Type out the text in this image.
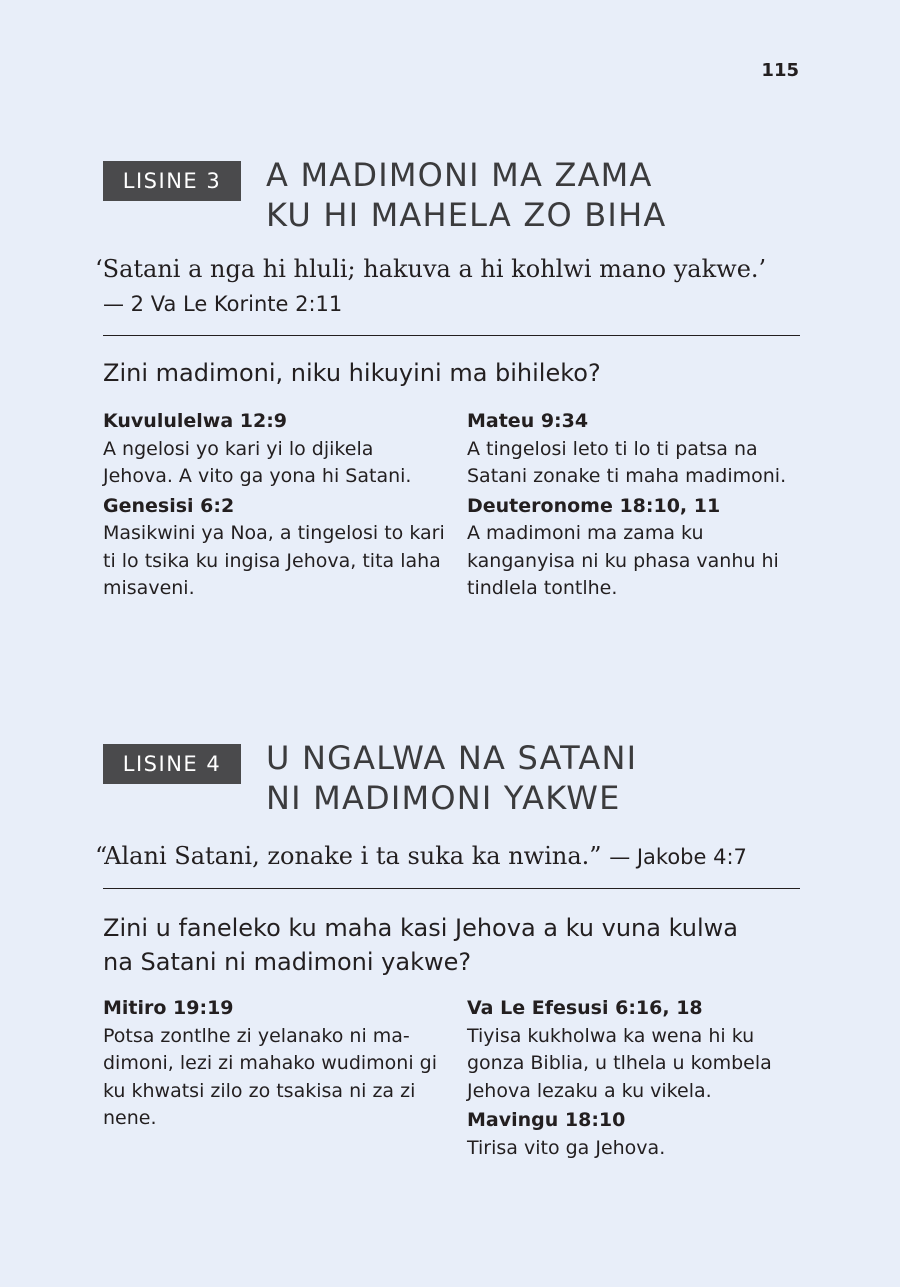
115
LISINE 3	A MADIMONI MA ZAMA
KU HI MAHELA ZO BIHA
‘Satani a nga hi hluli; hakuva a hi kohlwi mano yakwe.’
— 2 Va Le Korinte 2:11
Zini madimoni, niku hikuyini ma bihileko?
Kuvululelwa 12:9
A ngelosi yo kari yi lo djikela Jehova. A vito ga yona hi Satani.
Genesisi 6:2
Masikwini ya Noa, a tingelosi to kari ti lo tsika ku ingisa Jehova, tita laha misaveni.
Mateu 9:34
A tingelosi leto ti lo ti patsa na Satani zonake ti maha madimoni.
Deuteronome 18:10, 11
A madimoni ma zama ku kanganyisa ni ku phasa vanhu hi tindlela tontlhe.
LISINE 4	U NGALWA NA SATANI
NI MADIMONI YAKWE
“Alani Satani, zonake i ta suka ka nwina.” — Jakobe 4:7
Zini u faneleko ku maha kasi Jehova a ku vuna kulwa
na Satani ni madimoni yakwe?
Mitiro 19:19
Potsa zontlhe zi yelanako ni madimoni, lezi zi mahako wudimoni gi ku khwatsi zilo zo tsakisa ni za zi nene.
Va Le Efesusi 6:16, 18
Tiyisa kukholwa ka wena hi ku gonza Biblia, u tlhela u kombela Jehova lezaku a ku vikela.
Mavingu 18:10
Tirisa vito ga Jehova.
